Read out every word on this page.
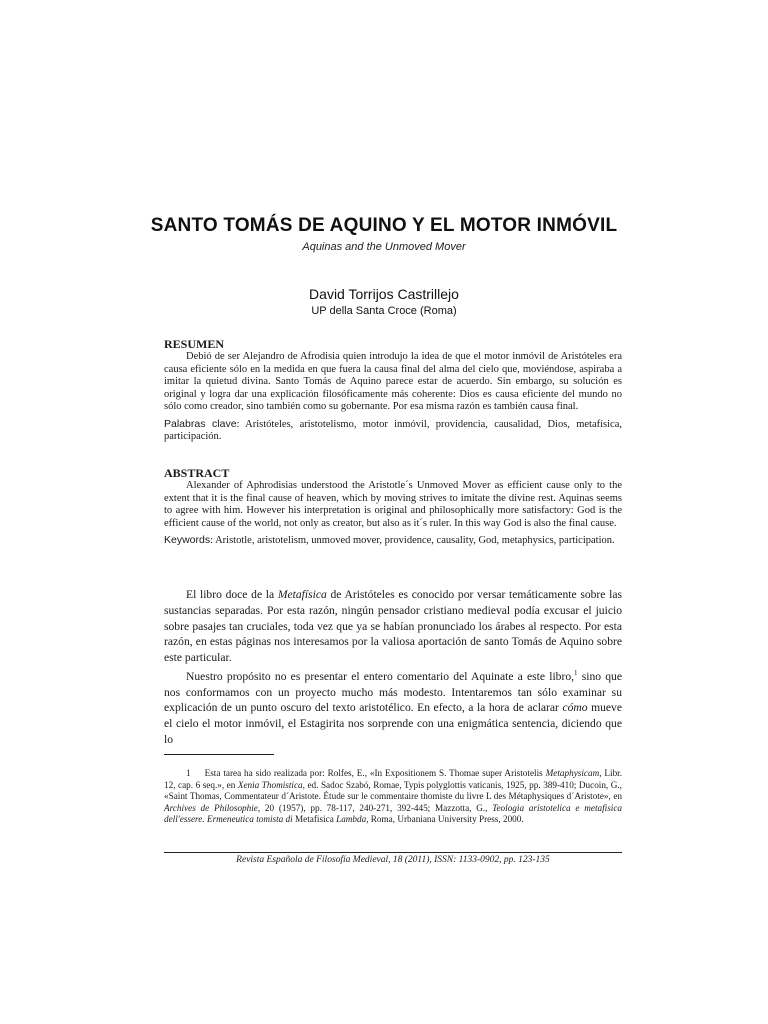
SANTO TOMÁS DE AQUINO Y EL MOTOR INMÓVIL
Aquinas and the Unmoved Mover
David Torrijos Castrillejo
UP della Santa Croce (Roma)

RESUMEN

Debió de ser Alejandro de Afrodisia quien introdujo la idea de que el motor inmóvil de Aristóteles era causa eficiente sólo en la medida en que fuera la causa final del alma del cielo que, moviéndose, aspiraba a imitar la quietud divina. Santo Tomás de Aquino parece estar de acuerdo. Sin embargo, su solución es original y logra dar una explicación filosóficamente más coherente: Dios es causa eficiente del mundo no sólo como creador, sino también como su gobernante. Por esa misma razón es también causa final.

Palabras clave: Aristóteles, aristotelismo, motor inmóvil, providencia, causalidad, Dios, metafísica, participación.

ABSTRACT

Alexander of Aphrodisias understood the Aristotle´s Unmoved Mover as efficient cause only to the extent that it is the final cause of heaven, which by moving strives to imitate the divine rest. Aquinas seems to agree with him. However his interpretation is original and philosophically more satisfactory: God is the efficient cause of the world, not only as creator, but also as it´s ruler. In this way God is also the final cause.

Keywords: Aristotle, aristotelism, unmoved mover, providence, causality, God, metaphysics, participation.

El libro doce de la Metafísica de Aristóteles es conocido por versar temáticamente sobre las sustancias separadas. Por esta razón, ningún pensador cristiano medieval podía excusar el juicio sobre pasajes tan cruciales, toda vez que ya se habían pronunciado los árabes al respecto. Por esta razón, en estas páginas nos interesamos por la valiosa aportación de santo Tomás de Aquino sobre este particular.

Nuestro propósito no es presentar el entero comentario del Aquinate a este libro,$^1$ sino que nos conformamos con un proyecto mucho más modesto. Intentaremos tan sólo examinar su explicación de un punto oscuro del texto aristotélico. En efecto, a la hora de aclarar cómo mueve el cielo el motor inmóvil, el Estagirita nos sorprende con una enigmática sentencia, diciendo que lo

1 Esta tarea ha sido realizada por: Rolfes, E., «In Expositionem S. Thomae super Aristotelis Metaphysicam, Libr. 12, cap. 6 seq.», en Xenia Thomistica, ed. Sadoc Szabó, Romae, Typis polyglottis vaticanis, 1925, pp. 389-410; Ducoin, G., «Saint Thomas, Commentateur d´Aristote. Étude sur le commentaire thomiste du livre L des Métaphysiques d´Aristote», en Archives de Philosophie, 20 (1957), pp. 78-117, 240-271, 392-445; Mazzotta, G., Teologia aristotelica e metafisica dell'essere. Ermeneutica tomista di Metafisica Lambda, Roma, Urbaniana University Press, 2000.

Revista Española de Filosofía Medieval, 18 (2011), ISSN: 1133-0902, pp. 123-135
